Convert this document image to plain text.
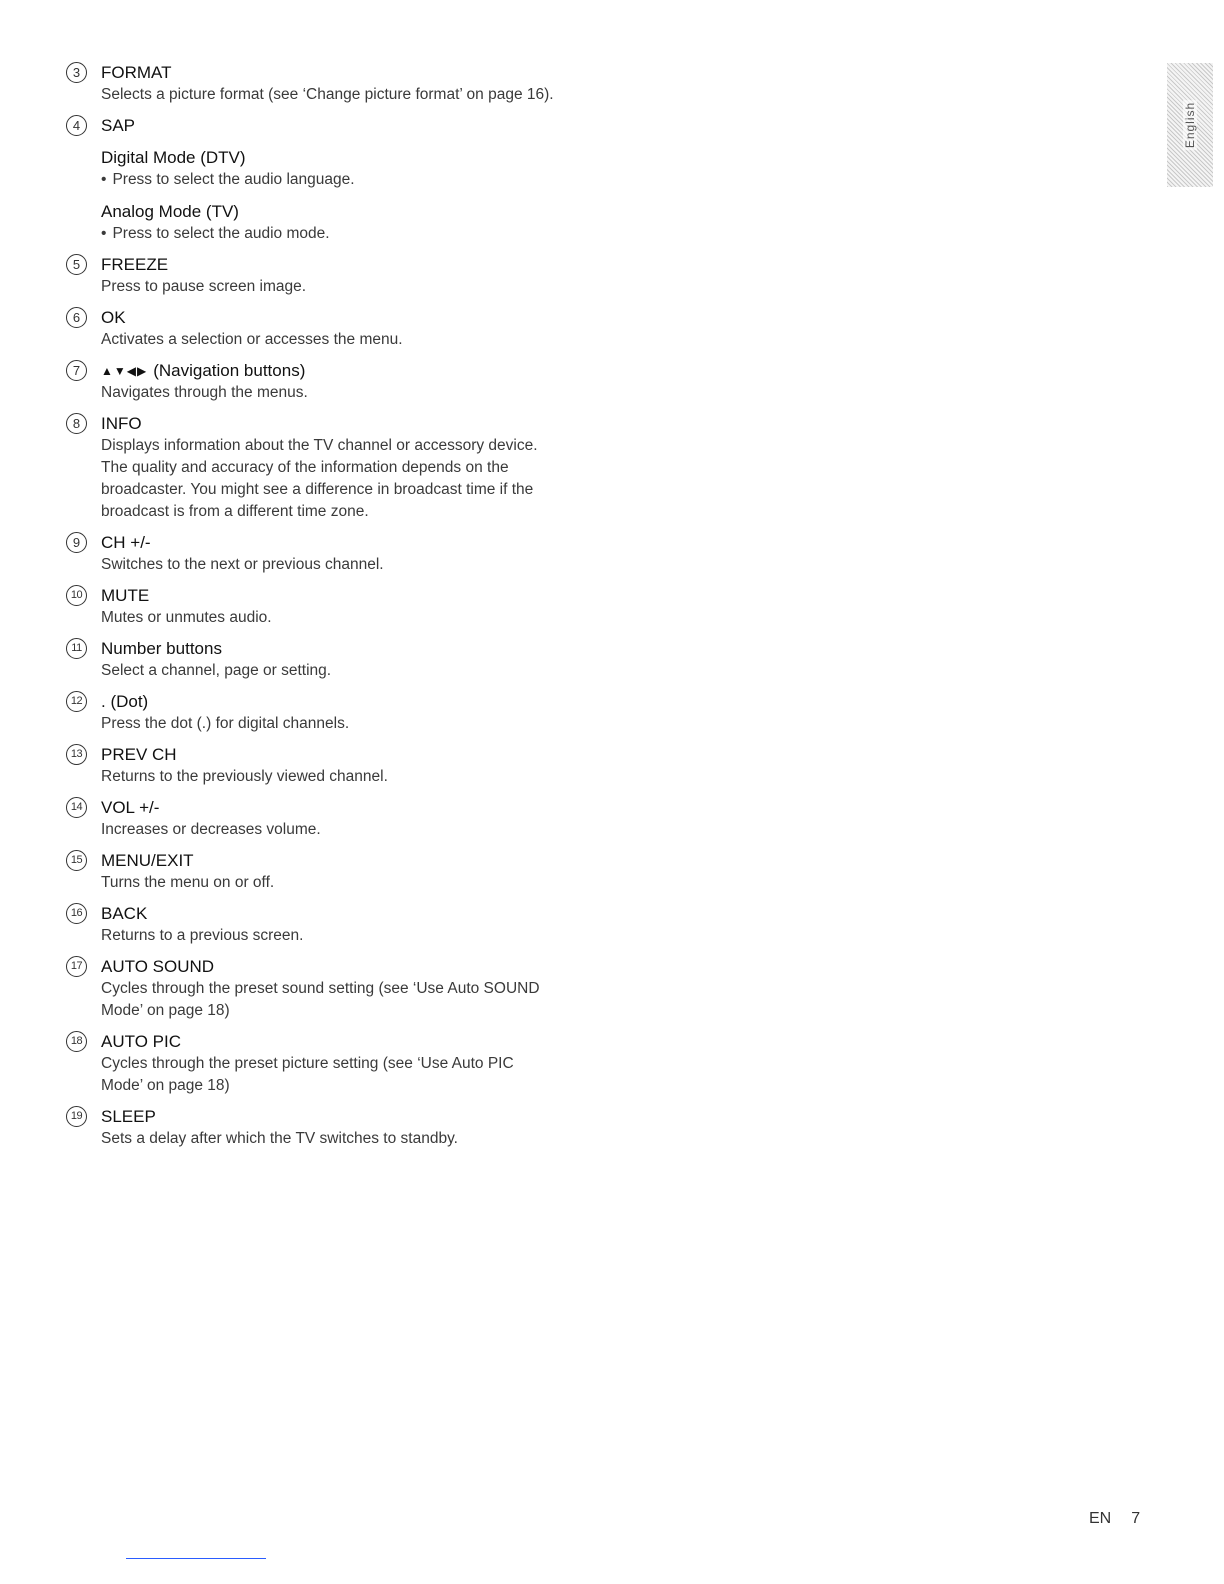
3	FORMAT
Selects a picture format (see ‘Change picture format’ on page 16).
4	SAP
Digital Mode (DTV)
• Press to select the audio language.
Analog Mode (TV)
• Press to select the audio mode.
5	FREEZE
Press to pause screen image.
6	OK
Activates a selection or accesses the menu.
7	▲▼◀▶ (Navigation buttons)
Navigates through the menus.
8	INFO
Displays information about the TV channel or accessory device.
The quality and accuracy of the information depends on the
broadcaster. You might see a difference in broadcast time if the
broadcast is from a different time zone.
9	CH +/-
Switches to the next or previous channel.
10 MUTE
Mutes or unmutes audio.
11	Number buttons
Select a channel, page or setting.
12 . (Dot)
Press the dot (.) for digital channels.
13 PREV CH
Returns to the previously viewed channel.
14 VOL +/-
Increases or decreases volume.
15 MENU/EXIT
Turns the menu on or off.
16 BACK
Returns to a previous screen.
17 AUTO SOUND
Cycles through the preset sound setting (see ‘Use Auto SOUND
Mode’ on page 18)
18 AUTO PIC
Cycles through the preset picture setting (see ‘Use Auto PIC
Mode’ on page 18)
19 SLEEP
Sets a delay after which the TV switches to standby.
English
EN 7
